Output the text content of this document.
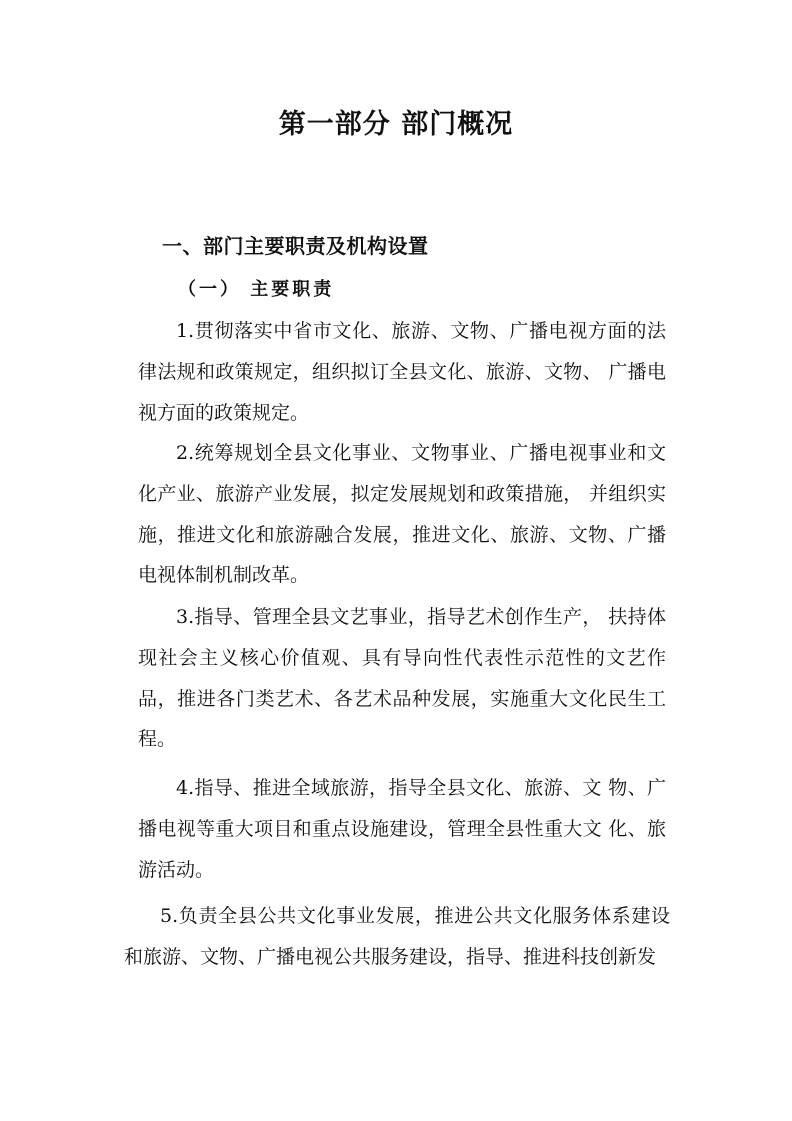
第一部分 部门概况
一、部门主要职责及机构设置
（一） 主要职责

1.贯彻落实中省市文化、旅游、文物、广播电视方面的法律法规和政策规定，组织拟订全县文化、旅游、文物、 广播电视方面的政策规定。

2.统筹规划全县文化事业、文物事业、广播电视事业和文化产业、旅游产业发展，拟定发展规划和政策措施， 并组织实施，推进文化和旅游融合发展，推进文化、旅游、文物、广播电视体制机制改革。

3.指导、管理全县文艺事业，指导艺术创作生产， 扶持体现社会主义核心价值观、具有导向性代表性示范性的文艺作品，推进各门类艺术、各艺术品种发展，实施重大文化民生工程。

4.指导、推进全域旅游，指导全县文化、旅游、文 物、广播电视等重大项目和重点设施建设，管理全县性重大文 化、旅游活动。

5.负责全县公共文化事业发展，推进公共文化服务体系建设和旅游、文物、广播电视公共服务建设，指导、推进科技创新发
